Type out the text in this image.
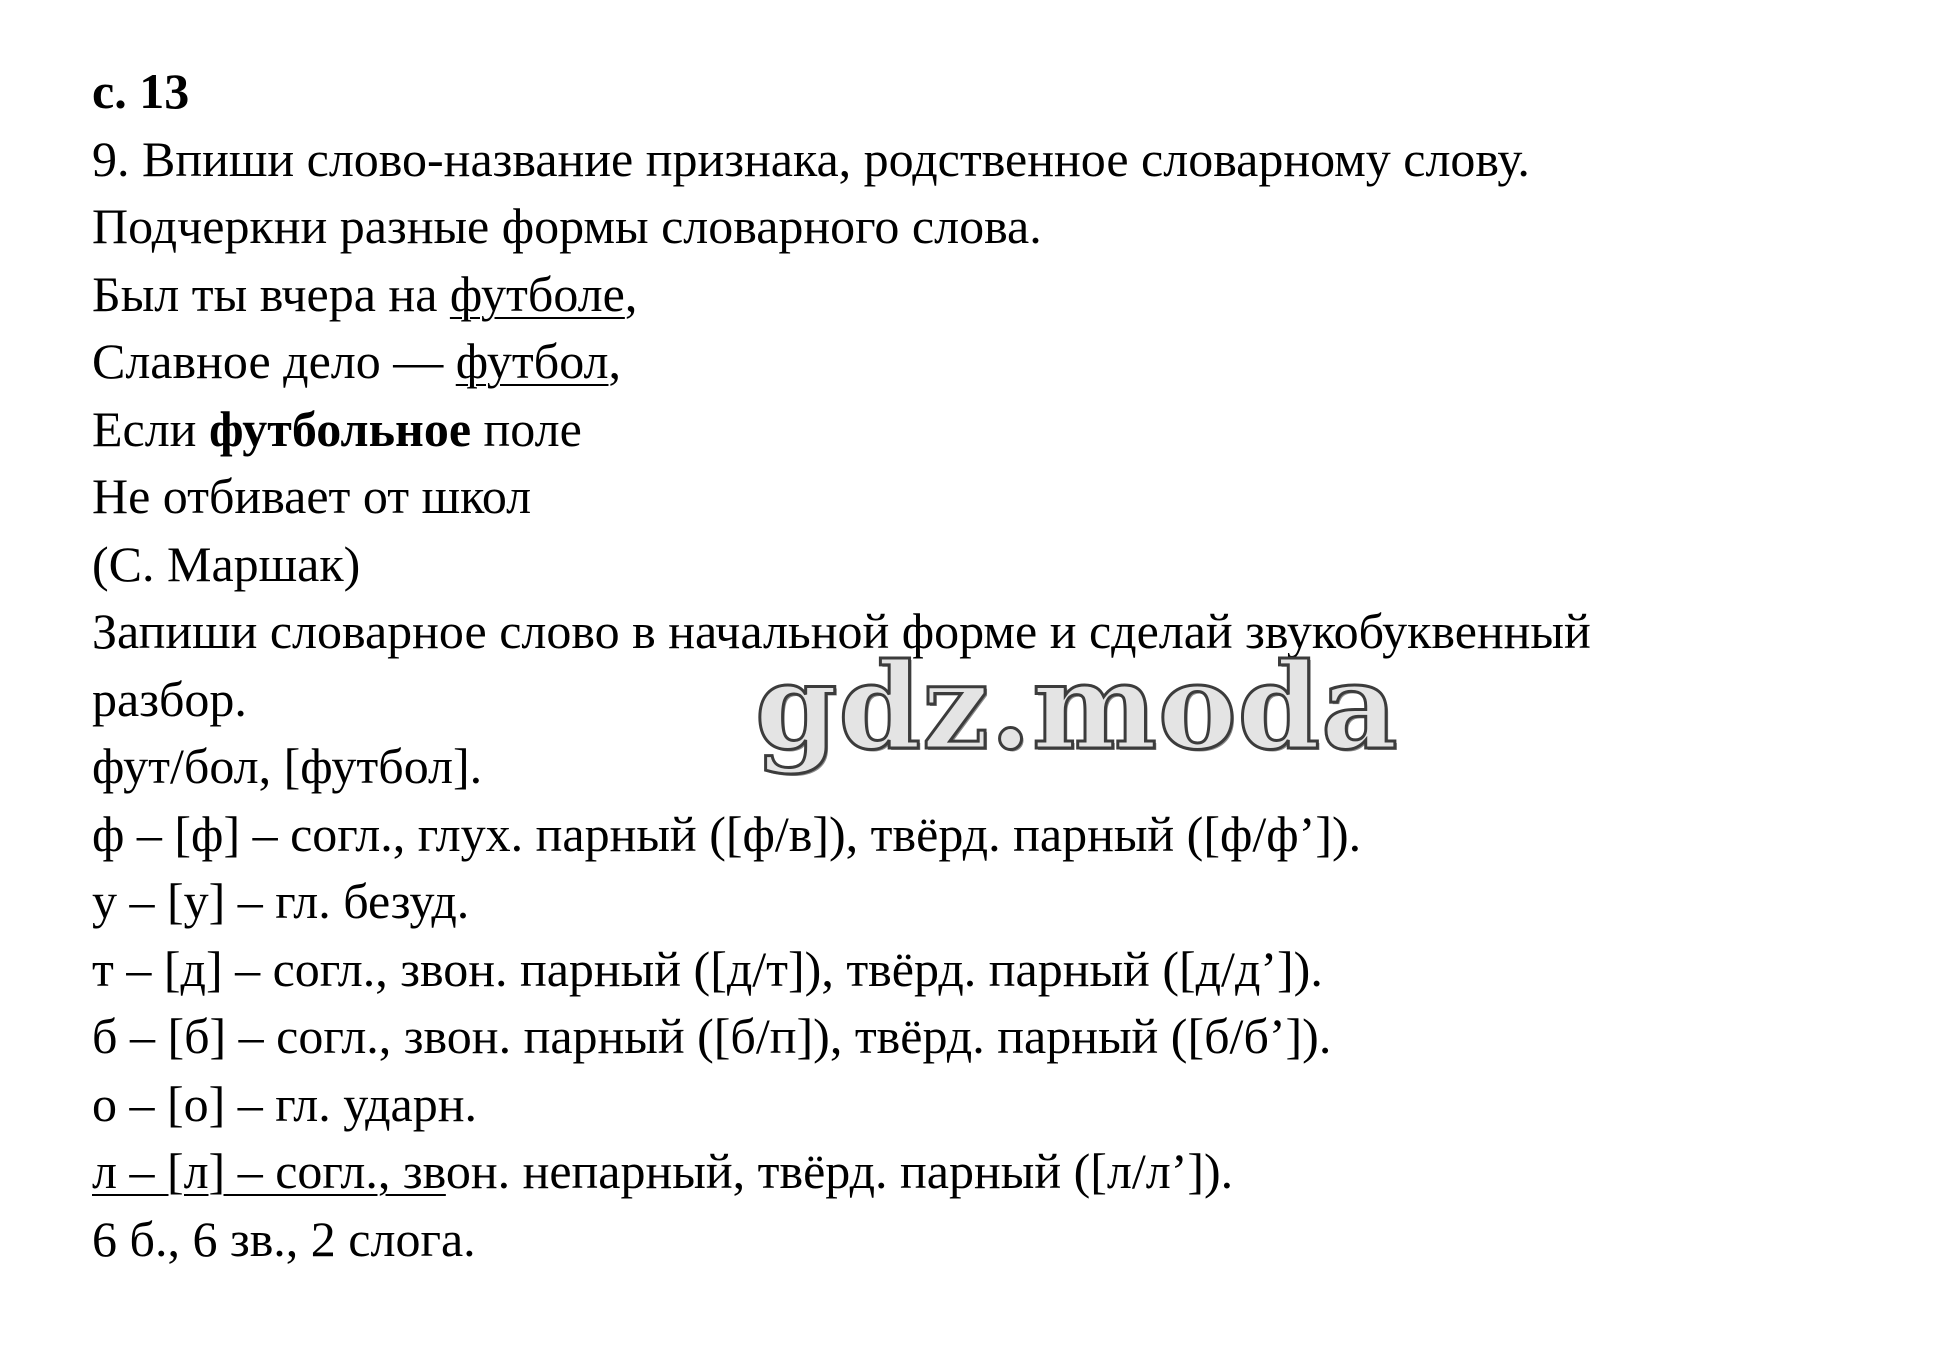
с. 13
9. Впиши слово-название признака, родственное словарному слову.
Подчеркни разные формы словарного слова.
Был ты вчера на футболе,
Славное дело — футбол,
Если футбольное поле
Не отбивает от школ
(С. Маршак)
Запиши словарное слово в начальной форме и сделай звукобуквенный
разбор.
фут/бол, [футбол].
ф – [ф] – согл., глух. парный ([ф/в]), твёрд. парный ([ф/ф’]).
у – [у] – гл. безуд.
т – [д] – согл., звон. парный ([д/т]), твёрд. парный ([д/д’]).
б – [б] – согл., звон. парный ([б/п]), твёрд. парный ([б/б’]).
о – [о] – гл. ударн.
л – [л] – согл., звон. непарный, твёрд. парный ([л/л’]).
6 б., 6 зв., 2 слога.
gdz.moda
